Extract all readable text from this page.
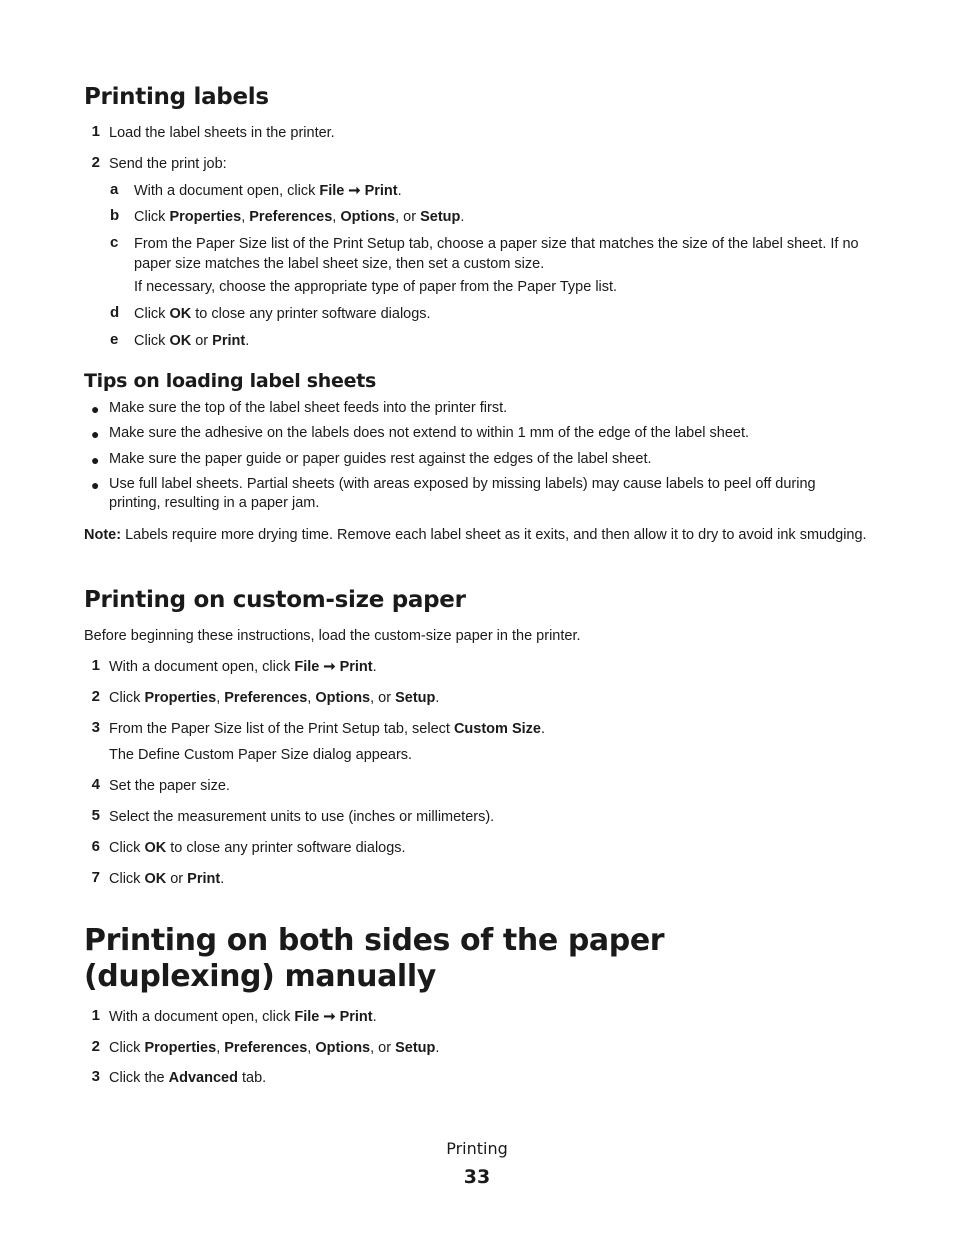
Printing labels
1 Load the label sheets in the printer.
2 Send the print job:
a With a document open, click File ➞ Print.
b Click Properties, Preferences, Options, or Setup.
c From the Paper Size list of the Print Setup tab, choose a paper size that matches the size of the label sheet. If no paper size matches the label sheet size, then set a custom size.
If necessary, choose the appropriate type of paper from the Paper Type list.
d Click OK to close any printer software dialogs.
e Click OK or Print.
Tips on loading label sheets
● Make sure the top of the label sheet feeds into the printer first.
● Make sure the adhesive on the labels does not extend to within 1 mm of the edge of the label sheet.
● Make sure the paper guide or paper guides rest against the edges of the label sheet.
● Use full label sheets. Partial sheets (with areas exposed by missing labels) may cause labels to peel off during printing, resulting in a paper jam.
Note: Labels require more drying time. Remove each label sheet as it exits, and then allow it to dry to avoid ink smudging.
Printing on custom-size paper
Before beginning these instructions, load the custom-size paper in the printer.
1 With a document open, click File ➞ Print.
2 Click Properties, Preferences, Options, or Setup.
3 From the Paper Size list of the Print Setup tab, select Custom Size.
The Define Custom Paper Size dialog appears.
4 Set the paper size.
5 Select the measurement units to use (inches or millimeters).
6 Click OK to close any printer software dialogs.
7 Click OK or Print.
Printing on both sides of the paper (duplexing) manually
1 With a document open, click File ➞ Print.
2 Click Properties, Preferences, Options, or Setup.
3 Click the Advanced tab.
Printing
33
